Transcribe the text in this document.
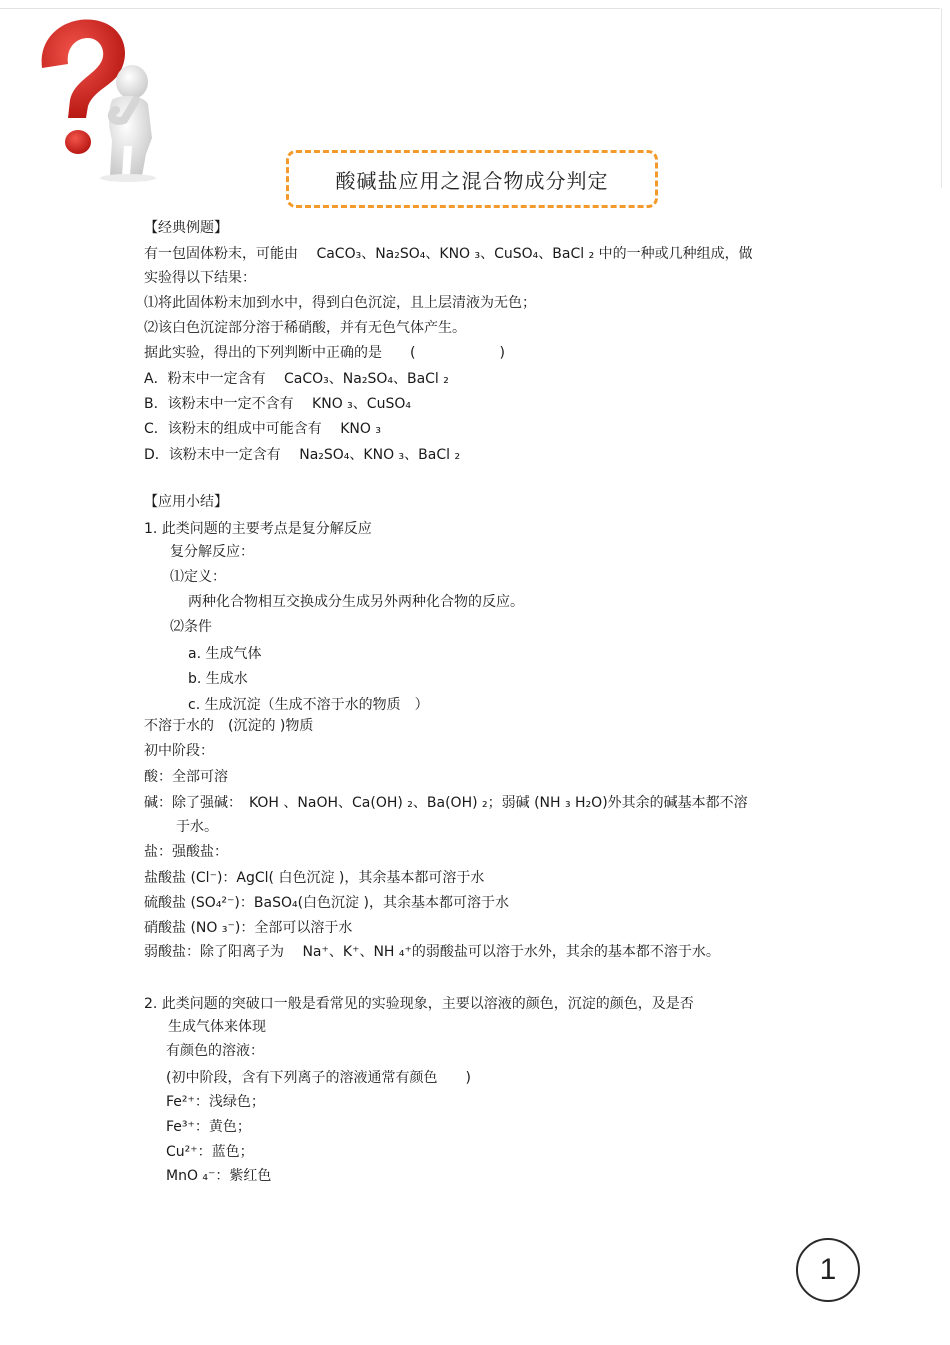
酸碱盐应用之混合物成分判定
【经典例题】
有一包固体粉末，可能由　 CaCO₃、Na₂SO₄、KNO ₃、CuSO₄、BaCl ₂ 中的一种或几种组成，做
实验得以下结果：
⑴将此固体粉末加到水中，得到白色沉淀，且上层清液为无色；
⑵该白色沉淀部分溶于稀硝酸，并有无色气体产生。
据此实验，得出的下列判断中正确的是　　(　　　　　　)
A．粉末中一定含有　 CaCO₃、Na₂SO₄、BaCl ₂
B．该粉末中一定不含有　 KNO ₃、CuSO₄
C．该粉末的组成中可能含有　 KNO ₃
D．该粉末中一定含有　 Na₂SO₄、KNO ₃、BaCl ₂
【应用小结】
1. 此类问题的主要考点是复分解反应
复分解反应：
⑴定义：
两种化合物相互交换成分生成另外两种化合物的反应。
⑵条件
a. 生成气体
b. 生成水
c. 生成沉淀（生成不溶于水的物质　）
不溶于水的　(沉淀的 )物质
初中阶段：
酸：全部可溶
碱：除了强碱：　KOH 、NaOH、Ca(OH) ₂、Ba(OH) ₂；弱碱 (NH ₃ H₂O)外其余的碱基本都不溶
于水。
盐：强酸盐：
盐酸盐 (Cl⁻)：AgCl( 白色沉淀 )，其余基本都可溶于水
硫酸盐 (SO₄²⁻)：BaSO₄(白色沉淀 )，其余基本都可溶于水
硝酸盐 (NO ₃⁻)：全部可以溶于水
弱酸盐：除了阳离子为　 Na⁺、K⁺、NH ₄⁺的弱酸盐可以溶于水外，其余的基本都不溶于水。
2. 此类问题的突破口一般是看常见的实验现象，主要以溶液的颜色，沉淀的颜色，及是否
生成气体来体现
有颜色的溶液：
(初中阶段，含有下列离子的溶液通常有颜色　　)
Fe²⁺：浅绿色；
Fe³⁺：黄色；
Cu²⁺：蓝色；
MnO ₄⁻：紫红色
1
